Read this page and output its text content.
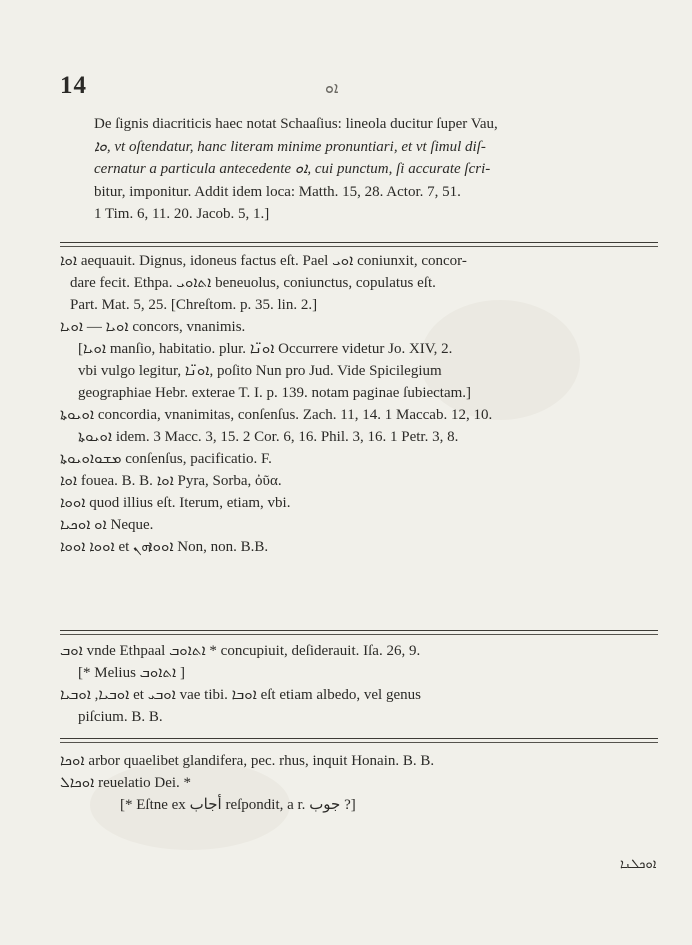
14	ܐܘ
De ſignis diacriticis haec notat Schaaſius: lineola ducitur ſuper Vau,
ܘܐ, vt oſtendatur, hanc literam minime pronuntiari, et vt ſimul diſ-
cernatur a particula antecedente ܐܘ, cui punctum, ſi accurate ſcri-
bitur, imponitur. Addit idem loca: Matth. 15, 28. Actor. 7, 51.
1 Tim. 6, 11. 20. Jacob. 5, 1.]
ܐܘܐ aequauit. Dignus, idoneus factus eſt. Pael ܐܘܝ coniunxit, concor-
dare fecit. Ethpa. ܐܬܐܘܝ beneuolus, coniunctus, copulatus eſt.
Part. Mat. 5, 25. [Chreſtom. p. 35. lin. 2.]
ܐܘܝܐ — ܐܘܝܐ concors, vnanimis.
[ܐܘܝܐ manſio, habitatio. plur. ܐܘܢ̈ܐ Occurrere videtur Jo. XIV, 2.
vbi vulgo legitur, ܐܘܢ̈ܐ, poſito Nun pro Jud. Vide Spicilegium
geographiae Hebr. exterae T. I. p. 139. notam paginae ſubiectam.]
ܐܘܝܘܬܐ concordia, vnanimitas, conſenſus. Zach. 11, 14. 1 Maccab. 12, 10.
ܐܘܝܘܬܐ idem. 3 Macc. 3, 15. 2 Cor. 6, 16. Phil. 3, 16. 1 Petr. 3, 8.
ܡܫܘܐܘܝܘܬܐ conſenſus, pacificatio. F.
ܐܘܐ fouea. B. B. ܐܘܐ Pyra, Sorba, ὀῦα.
ܐܘܘܐ quod illius eſt. Iterum, etiam, vbi.
ܐܘ ܐܘܟܝܐ Neque.
ܐܘܘܐ ܐܘܘܐ et ܐܘܘܐܗܢ Non, non. B.B.
ܐܘܒ vnde Ethpaal ܐܬܐܘܒ * concupiuit, deſiderauit. Iſa. 26, 9.
[* Melius ܐܬܐܘܒ ]
ܐܘܒܝܐ, ܐܘܒܝܐ et ܐܘܒܝ vae tibi. ܐܘܒܐ eſt etiam albedo, vel genus
piſcium. B. B.
ܐܘܟܐ arbor quaelibet glandifera, pec. rhus, inquit Honain. B. B.
ܐܘܟܐܠ reuelatio Dei. *
[* Eſtne ex أجاب reſpondit, a r. جوب ?]
ܐܘܟܠܢܐ
